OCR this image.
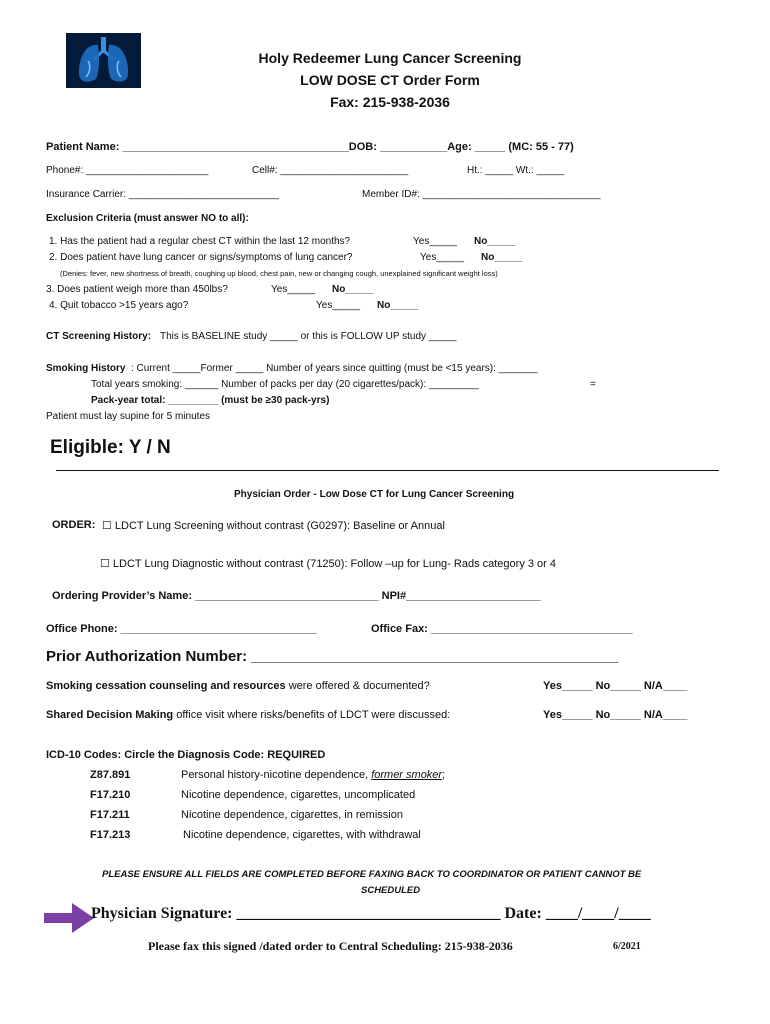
Holy Redeemer Lung Cancer Screening
LOW DOSE CT Order Form
Fax: 215-938-2036
Patient Name: _____________________________________DOB: ___________Age: _____ (MC: 55 - 77)
Phone#: ______________________	Cell#: _______________________	Ht.: _____ Wt.: _____
Insurance Carrier: ___________________________	Member ID#: ________________________________
Exclusion Criteria (must answer NO to all):
1. Has the patient had a regular chest CT within the last 12 months?	Yes_____ No_____
2. Does patient have lung cancer or signs/symptoms of lung cancer?	Yes_____ No_____
(Denies: fever, new shortness of breath, coughing up blood, chest pain, new or changing cough, unexplained significant weight loss)
3. Does patient weigh more than 450lbs?	Yes_____ No_____
4. Quit tobacco >15 years ago?	Yes_____ No_____
CT Screening History: This is BASELINE study _____ or this is FOLLOW UP study _____
Smoking History : Current _____Former _____ Number of years since quitting (must be <15 years): _______
Total years smoking: ______ Number of packs per day (20 cigarettes/pack): _________	=
Pack-year total: _________ (must be ≥30 pack-yrs)
Patient must lay supine for 5 minutes
Eligible: Y / N
Physician Order - Low Dose CT for Lung Cancer Screening
ORDER: ☐ LDCT Lung Screening without contrast (G0297): Baseline or Annual
☐ LDCT Lung Diagnostic without contrast (71250): Follow –up for Lung- Rads category 3 or 4
Ordering Provider’s Name: ______________________________ NPI#______________________
Office Phone: ________________________________	Office Fax: _________________________________
Prior Authorization Number: ____________________________________________
Smoking cessation counseling and resources were offered & documented?	Yes_____ No_____ N/A____
Shared Decision Making office visit where risks/benefits of LDCT were discussed:	Yes_____ No_____ N/A____
ICD-10 Codes: Circle the Diagnosis Code: REQUIRED
Z87.891	Personal history-nicotine dependence, former smoker;
F17.210	Nicotine dependence, cigarettes, uncomplicated
F17.211	Nicotine dependence, cigarettes, in remission
F17.213	Nicotine dependence, cigarettes, with withdrawal
PLEASE ENSURE ALL FIELDS ARE COMPLETED BEFORE FAXING BACK TO COORDINATOR OR PATIENT CANNOT BE
SCHEDULED
Physician Signature: _________________________________ Date: ____/____/____
Please fax this signed /dated order to Central Scheduling: 215-938-2036	6/2021
